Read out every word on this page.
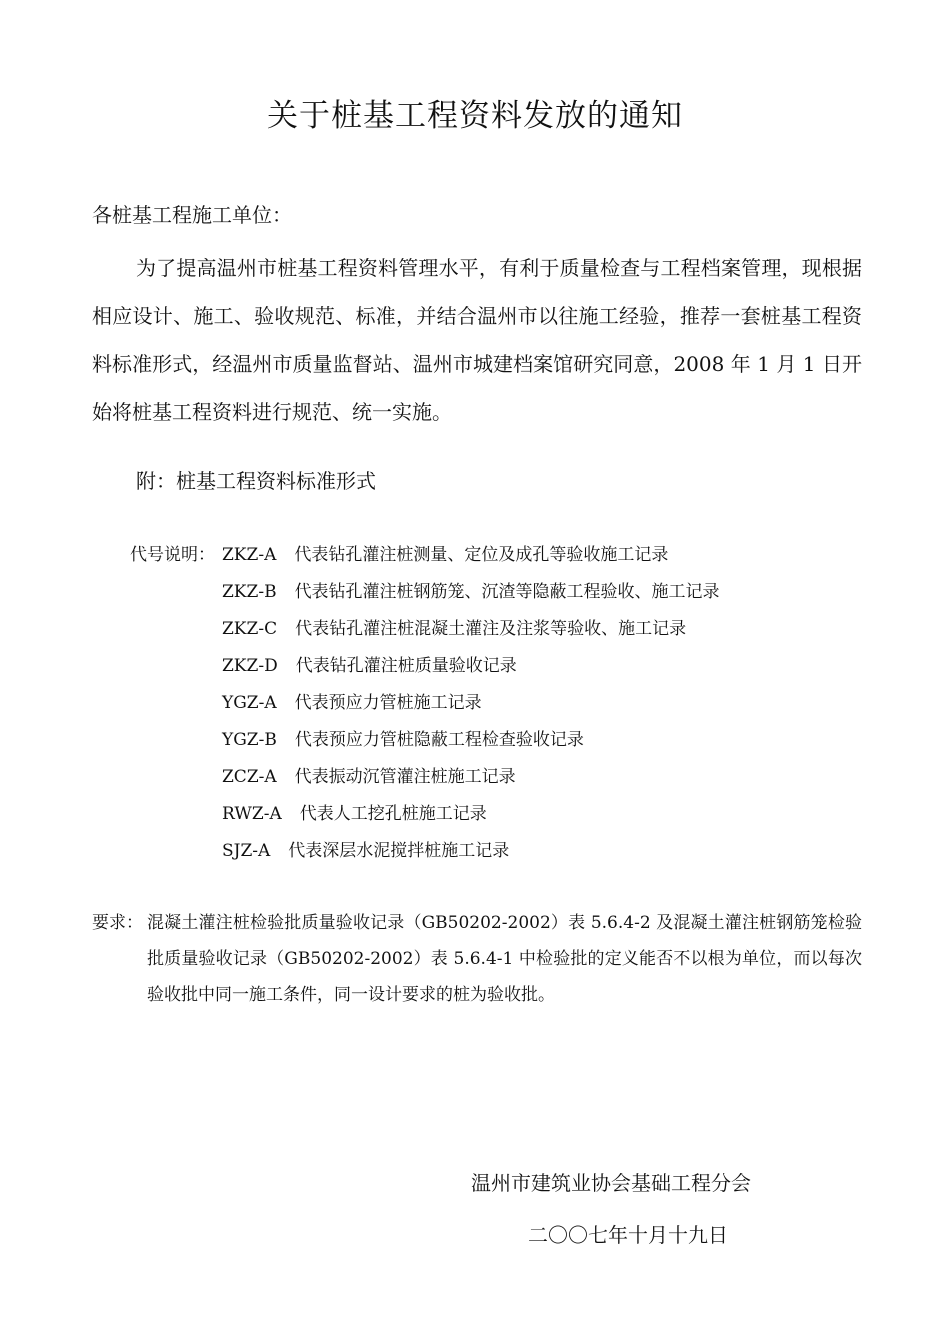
关于桩基工程资料发放的通知
各桩基工程施工单位：

为了提高温州市桩基工程资料管理水平，有利于质量检查与工程档案管理，现根据相应设计、施工、验收规范、标准，并结合温州市以往施工经验，推荐一套桩基工程资料标准形式，经温州市质量监督站、温州市城建档案馆研究同意，2008 年 1 月 1 日开始将桩基工程资料进行规范、统一实施。

附：桩基工程资料标准形式
代号说明： ZKZ-A 代表钻孔灌注桩测量、定位及成孔等验收施工记录
ZKZ-B 代表钻孔灌注桩钢筋笼、沉渣等隐蔽工程验收、施工记录
ZKZ-C 代表钻孔灌注桩混凝土灌注及注浆等验收、施工记录
ZKZ-D 代表钻孔灌注桩质量验收记录
YGZ-A 代表预应力管桩施工记录
YGZ-B 代表预应力管桩隐蔽工程检查验收记录
ZCZ-A 代表振动沉管灌注桩施工记录
RWZ-A 代表人工挖孔桩施工记录
SJZ-A 代表深层水泥搅拌桩施工记录
要求： 混凝土灌注桩检验批质量验收记录（GB50202-2002）表 5.6.4-2 及混凝土灌注桩钢筋笼检验批质量验收记录（GB50202-2002）表 5.6.4-1 中检验批的定义能否不以根为单位，而以每次验收批中同一施工条件，同一设计要求的桩为验收批。
温州市建筑业协会基础工程分会
二〇〇七年十月十九日
